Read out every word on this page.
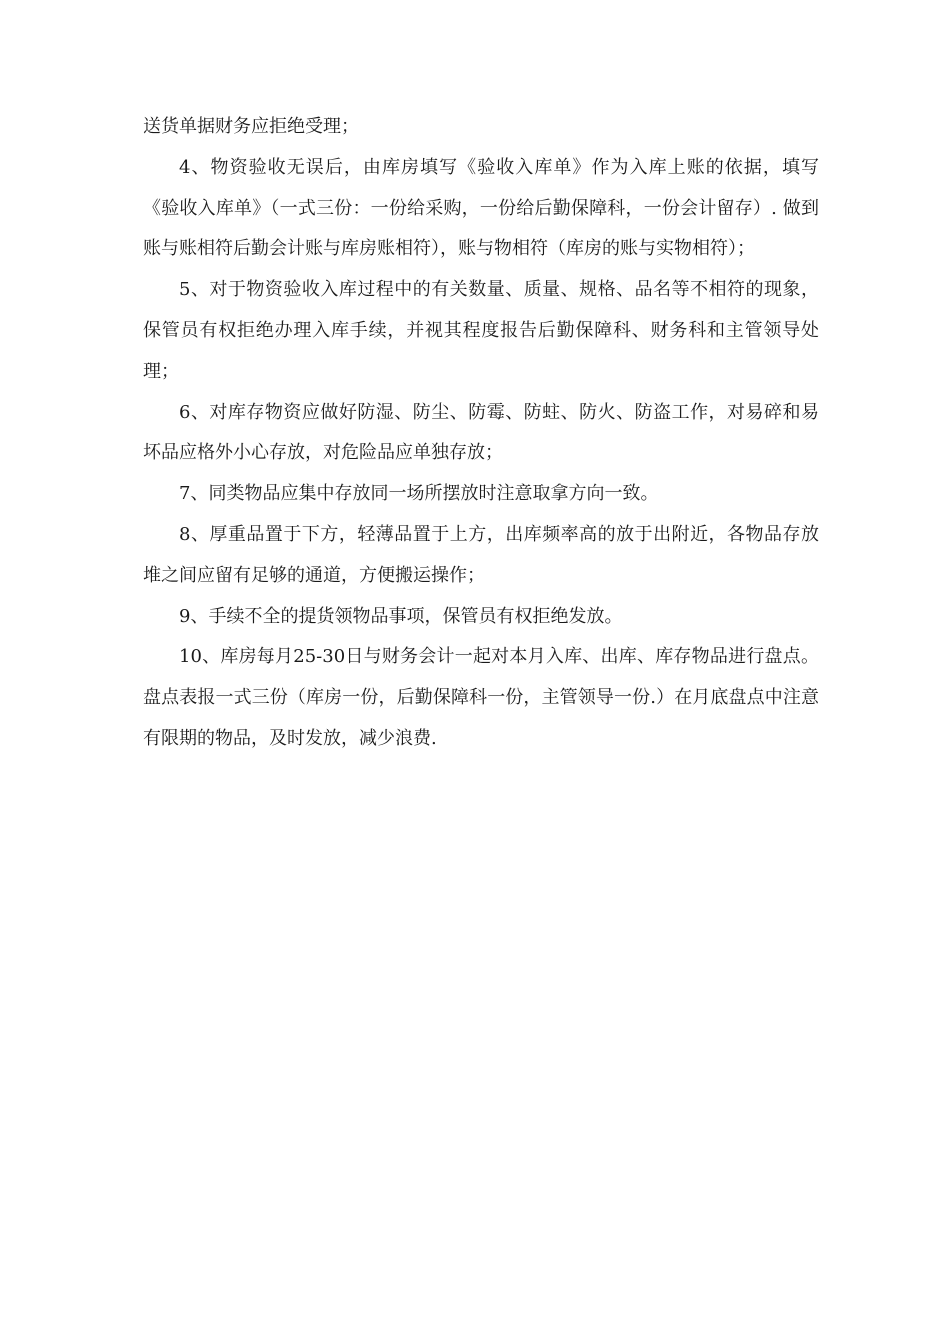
送货单据财务应拒绝受理；

4、物资验收无误后，由库房填写《验收入库单》作为入库上账的依据，填写《验收入库单》（一式三份：一份给采购，一份给后勤保障科，一份会计留存）. 做到账与账相符后勤会计账与库房账相符），账与物相符（库房的账与实物相符）；

5、对于物资验收入库过程中的有关数量、质量、规格、品名等不相符的现象，保管员有权拒绝办理入库手续，并视其程度报告后勤保障科、财务科和主管领导处理；

6、对库存物资应做好防湿、防尘、防霉、防蛀、防火、防盗工作，对易碎和易坏品应格外小心存放，对危险品应单独存放；

7、同类物品应集中存放同一场所摆放时注意取拿方向一致。

8、厚重品置于下方，轻薄品置于上方，出库频率高的放于出附近，各物品存放堆之间应留有足够的通道，方便搬运操作；

9、手续不全的提货领物品事项，保管员有权拒绝发放。

10、库房每月25-30日与财务会计一起对本月入库、出库、库存物品进行盘点。盘点表报一式三份（库房一份，后勤保障科一份，主管领导一份.）在月底盘点中注意有限期的物品，及时发放，减少浪费.
